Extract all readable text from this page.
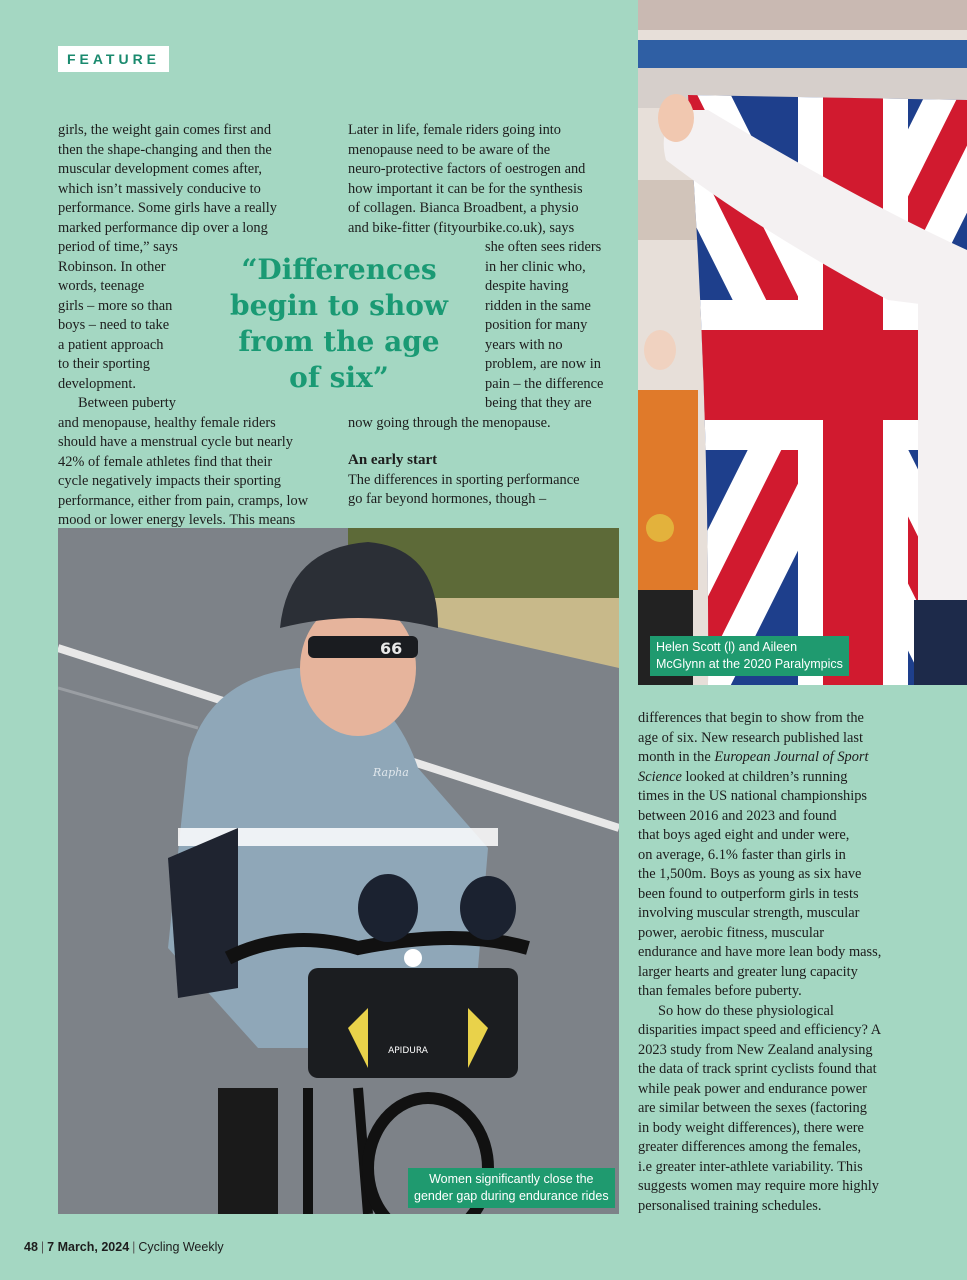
FEATURE

girls, the weight gain comes first and
then the shape-changing and then the
muscular development comes after,
which isn’t massively conducive to
performance. Some girls have a really
marked performance dip over a long
period of time,” says
Robinson. In other
words, teenage
girls – more so than
boys – need to take
a patient approach
to their sporting
development.

Between puberty
and menopause, healthy female riders
should have a menstrual cycle but nearly
42% of female athletes find that their
cycle negatively impacts their sporting
performance, either from pain, cramps, low
mood or lower energy levels. This means

“Differences begin to show from the age of six”

Later in life, female riders going into
menopause need to be aware of the
neuro-protective factors of oestrogen and
how important it can be for the synthesis
of collagen. Bianca Broadbent, a physio
and bike-fitter (fityourbike.co.uk), says

she often sees riders
in her clinic who,
despite having
ridden in the same
position for many
years with no
problem, are now in
pain – the difference
being that they are

now going through the menopause.

An early start

The differences in sporting performance
go far beyond hormones, though –

Helen Scott (l) and Aileen
McGlynn at the 2020 Paralympics
66
Rapha
APIDURA
Women significantly close the
gender gap during endurance rides

differences that begin to show from the
age of six. New research published last
month in the European Journal of Sport
Science looked at children’s running
times in the US national championships
between 2016 and 2023 and found
that boys aged eight and under were,
on average, 6.1% faster than girls in
the 1,500m. Boys as young as six have
been found to outperform girls in tests
involving muscular strength, muscular
power, aerobic fitness, muscular
endurance and have more lean body mass,
larger hearts and greater lung capacity
than females before puberty.

So how do these physiological
disparities impact speed and efficiency? A
2023 study from New Zealand analysing
the data of track sprint cyclists found that
while peak power and endurance power
are similar between the sexes (factoring
in body weight differences), there were
greater differences among the females,
i.e greater inter-athlete variability. This
suggests women may require more highly
personalised training schedules.

48 | 7 March, 2024 | Cycling Weekly
